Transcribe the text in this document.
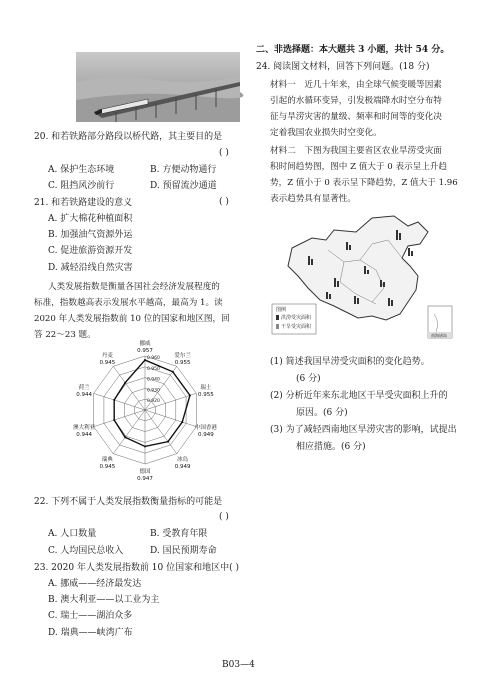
20. 和若铁路部分路段以桥代路，其主要目的是
( )
A. 保护生态环境	B. 方便动物通行
C. 阻挡风沙前行	D. 预留流沙通道
21. 和若铁路建设的意义	( )
A. 扩大棉花种植面积
B. 加强油气资源外运
C. 促进旅游资源开发
D. 减轻沿线自然灾害
人类发展指数是衡量各国社会经济发展程度的
标准，指数越高表示发展水平越高，最高为 1。读
2020 年人类发展指数前 10 位的国家和地区图，回
答 22～23 题。
0.960
0.950
0.940
0.930
0.920
挪威
0.957
爱尔兰
0.955
瑞士
0.955
中国香港
0.949
冰岛
0.949
德国
0.947
瑞典
0.945
澳大利亚
0.944
荷兰
0.944
丹麦
0.945
22. 下列不属于人类发展指数衡量指标的可能是
( )
A. 人口数量	B. 受教育年限
C. 人均国民总收入	D. 国民预期寿命
23. 2020 年人类发展指数前 10 位国家和地区中( )
A. 挪威——经济最发达
B. 澳大利亚——以工业为主
C. 瑞士——湖泊众多
D. 瑞典——峡湾广布
二、非选择题：本大题共 3 小题，共计 54 分。
24. 阅读图文材料，回答下列问题。(18 分)
材料一　近几十年来，由全球气候变暖等因素
引起的水循环变异，引发极端降水时空分布特
征与旱涝灾害的量级、频率和时间等的变化决
定着我国农业损失时空变化。
材料二　下图为我国主要省区农业旱涝受灾面
积时间趋势图，图中 Z 值大于 0 表示呈上升趋
势，Z 值小于 0 表示呈下降趋势，Z 值大于 1.96
表示趋势具有显著性。
图例
洪涝受灾面积
干旱受灾面积
南海诸岛
(1) 简述我国旱涝受灾面积的变化趋势。
(6 分)
(2) 分析近年来东北地区干旱受灾面积上升的
原因。(6 分)
(3) 为了减轻西南地区旱涝灾害的影响，试提出
相应措施。(6 分)
B03—4
